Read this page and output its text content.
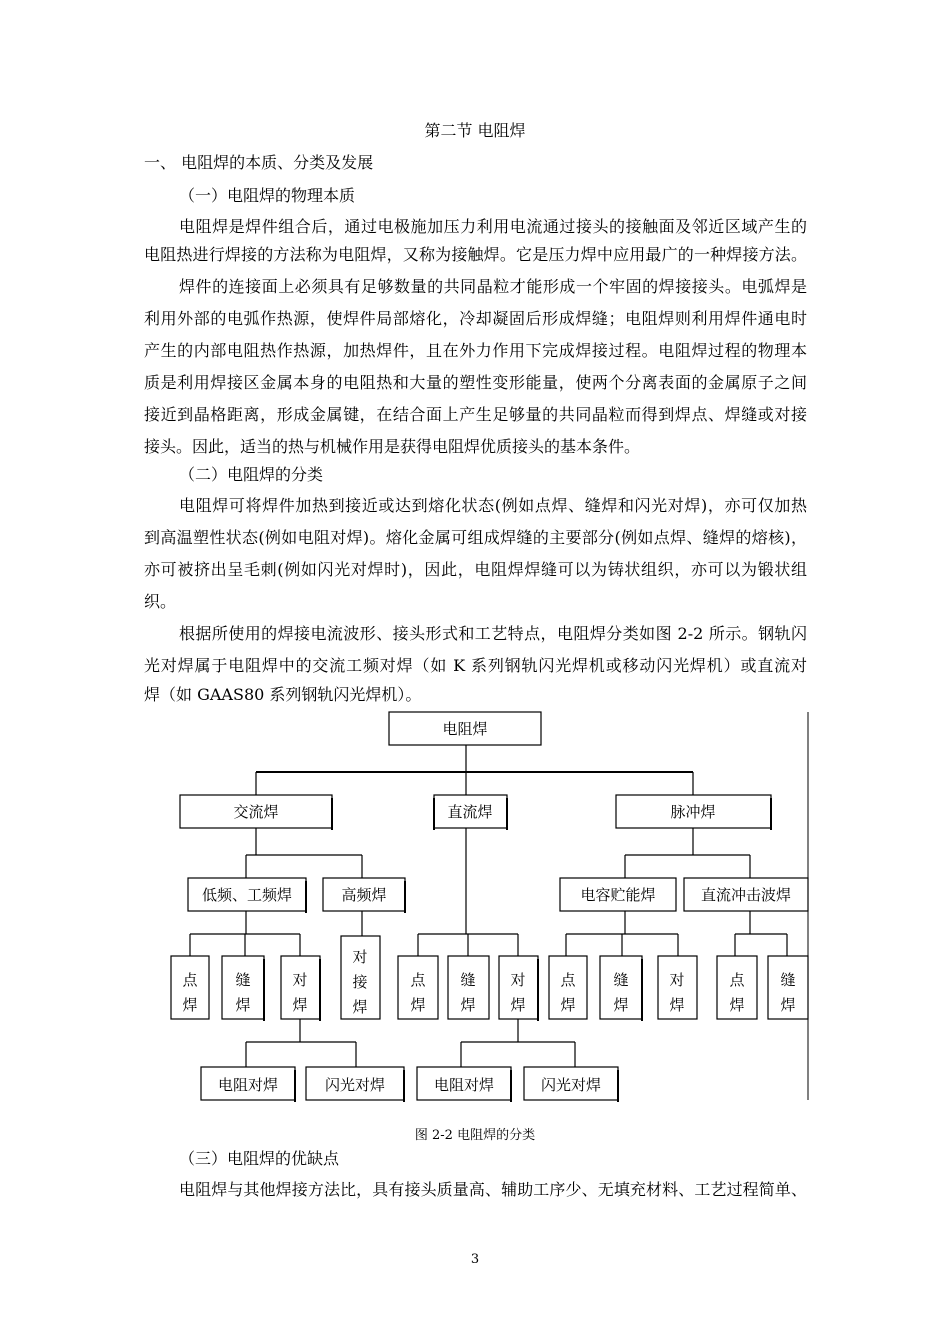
第二节 电阻焊
一、 电阻焊的本质、分类及发展
（一）电阻焊的物理本质
电阻焊是焊件组合后，通过电极施加压力利用电流通过接头的接触面及邻近区域产生的
电阻热进行焊接的方法称为电阻焊，又称为接触焊。它是压力焊中应用最广的一种焊接方法。
焊件的连接面上必须具有足够数量的共同晶粒才能形成一个牢固的焊接接头。电弧焊是
利用外部的电弧作热源，使焊件局部熔化，冷却凝固后形成焊缝；电阻焊则利用焊件通电时
产生的内部电阻热作热源，加热焊件，且在外力作用下完成焊接过程。电阻焊过程的物理本
质是利用焊接区金属本身的电阻热和大量的塑性变形能量，使两个分离表面的金属原子之间
接近到晶格距离，形成金属键，在结合面上产生足够量的共同晶粒而得到焊点、焊缝或对接
接头。因此，适当的热与机械作用是获得电阻焊优质接头的基本条件。
（二）电阻焊的分类
电阻焊可将焊件加热到接近或达到熔化状态(例如点焊、缝焊和闪光对焊)，亦可仅加热
到高温塑性状态(例如电阻对焊)。熔化金属可组成焊缝的主要部分(例如点焊、缝焊的熔核)，
亦可被挤出呈毛刺(例如闪光对焊时)，因此，电阻焊焊缝可以为铸状组织，亦可以为锻状组
织。
根据所使用的焊接电流波形、接头形式和工艺特点，电阻焊分类如图 2-2 所示。钢轨闪
光对焊属于电阻焊中的交流工频对焊（如 K 系列钢轨闪光焊机或移动闪光焊机）或直流对
焊（如 GAAS80 系列钢轨闪光焊机）。
电阻焊
交流焊	直流焊	脉冲焊
低频、工频焊	高频焊	电容贮能焊	直流冲击波焊
电阻对焊	闪光对焊	电阻对焊	闪光对焊
点焊
缝焊
对焊
对接焊
点焊
缝焊
对焊
点焊
缝焊
对焊
点焊
缝焊
图 2-2 电阻焊的分类
（三）电阻焊的优缺点
电阻焊与其他焊接方法比，具有接头质量高、辅助工序少、无填充材料、工艺过程简单、
3
